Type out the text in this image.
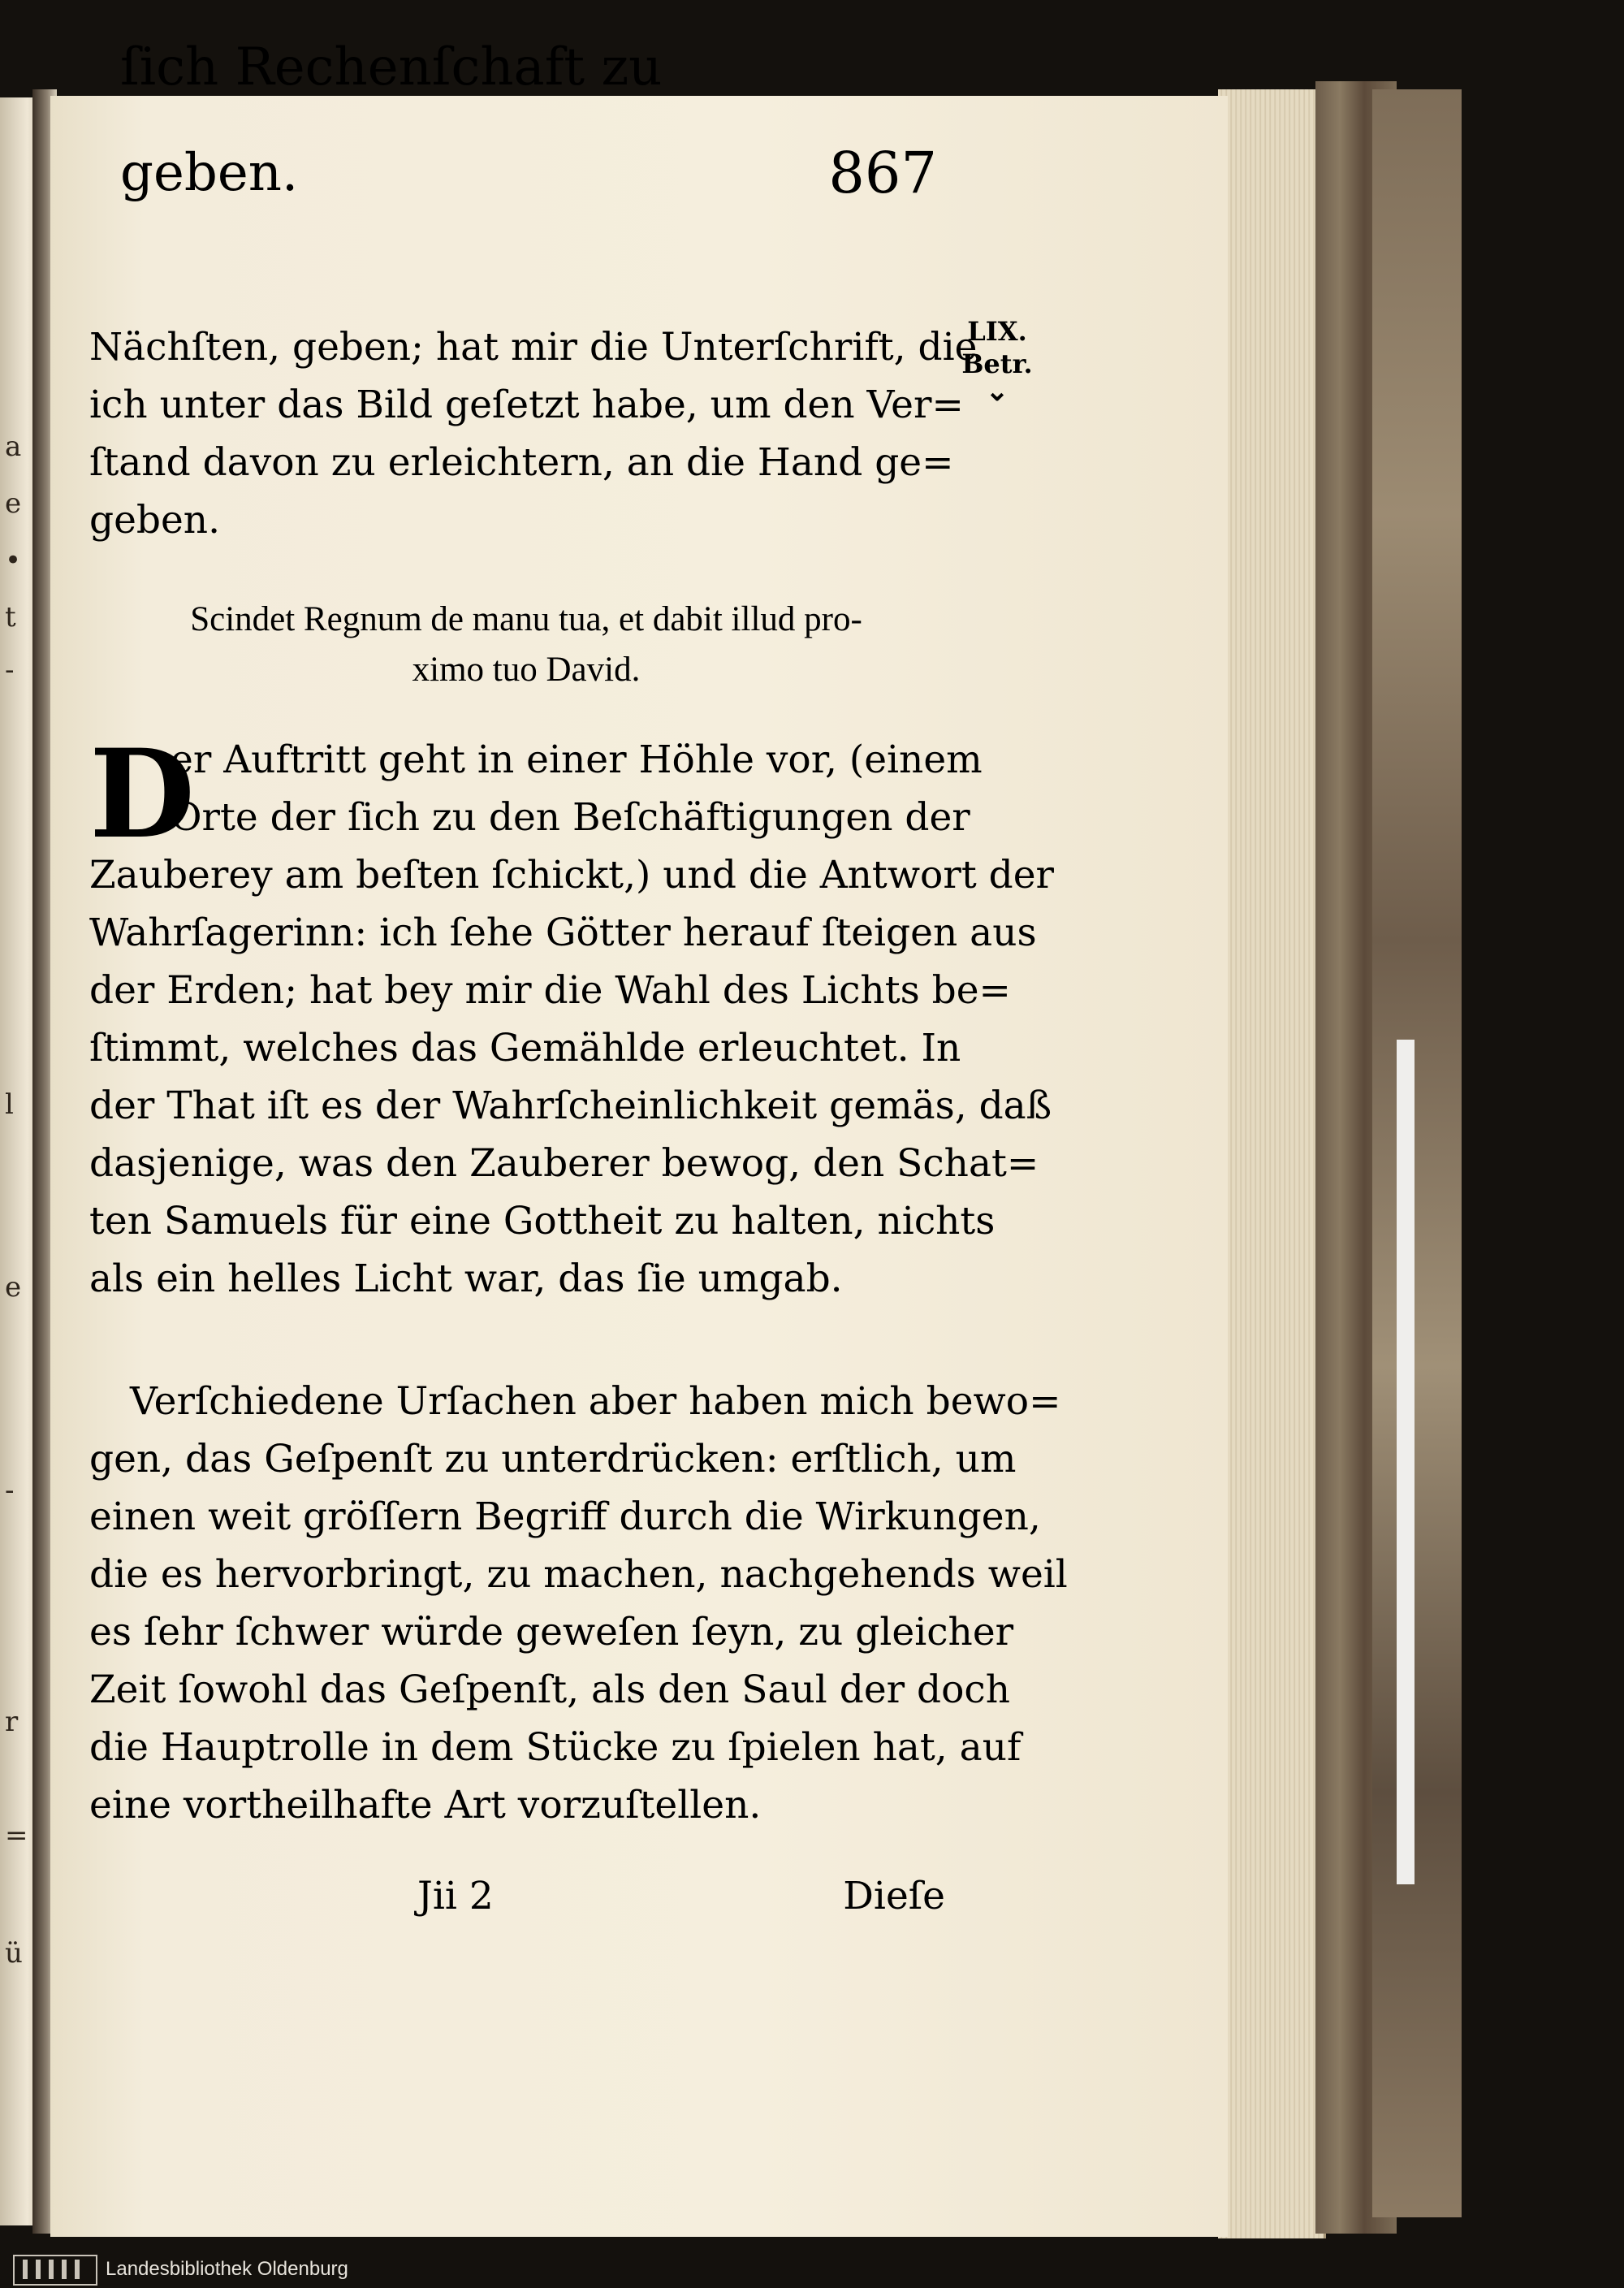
a
e
•
t
-
l
e
-
r
=
ü
ſich Rechenſchaft zu geben.	867
LIX.
Betr.
⌄
Nächſten, geben; hat mir die Unterſchrift, die
ich unter das Bild geſetzt habe, um den Ver=
ſtand davon zu erleichtern, an die Hand ge=
geben.
Scindet Regnum de manu tua, et dabit illud pro-
ximo tuo David.
D
er Auftritt geht in einer Höhle vor, (einem
Orte der ſich zu den Beſchäftigungen der
Zauberey am beſten ſchickt,) und die Antwort der
Wahrſagerinn: ich ſehe Götter herauf ſteigen aus
der Erden; hat bey mir die Wahl des Lichts be=
ſtimmt, welches das Gemählde erleuchtet. In
der That iſt es der Wahrſcheinlichkeit gemäs, daß
dasjenige, was den Zauberer bewog, den Schat=
ten Samuels für eine Gottheit zu halten, nichts
als ein helles Licht war, das ſie umgab.
Verſchiedene Urſachen aber haben mich bewo=
gen, das Geſpenſt zu unterdrücken: erſtlich, um
einen weit gröſſern Begriff durch die Wirkungen,
die es hervorbringt, zu machen, nachgehends weil
es ſehr ſchwer würde geweſen ſeyn, zu gleicher
Zeit ſowohl das Geſpenſt, als den Saul der doch
die Hauptrolle in dem Stücke zu ſpielen hat, auf
eine vortheilhafte Art vorzuſtellen.
Jii 2	Dieſe
Landesbibliothek Oldenburg
